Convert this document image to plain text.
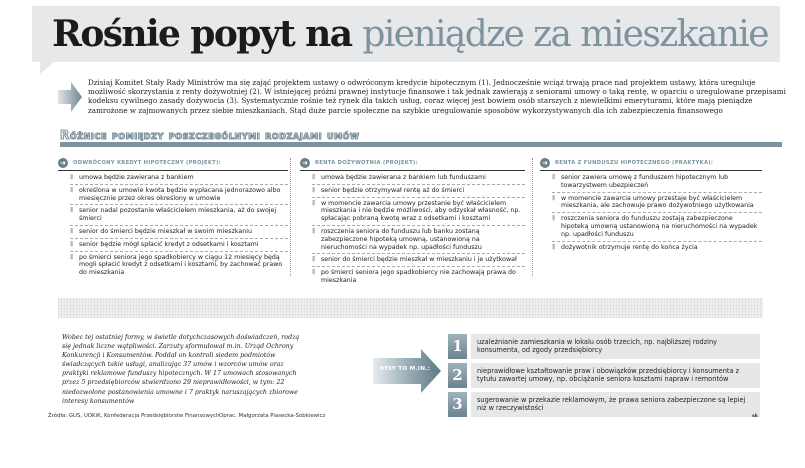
Rośnie popyt na pieniądze za mieszkanie
Dzisiaj Komitet Stały Rady Ministrów ma się zająć projektem ustawy o odwróconym kredycie hipotecznym (1). Jednocześnie wciąż trwają prace nad projektem ustawy, która ureguluje możliwość skorzystania z renty dożywotniej (2). W istniejącej próżni prawnej instytucje finansowe i tak jednak zawierają z seniorami umowy o taką rentę, w oparciu o uregulowane przepisami kodeksu cywilnego zasady dożywocia (3). Systematycznie rośnie też rynek dla takich usług, coraz więcej jest bowiem osób starszych z niewielkimi emeryturami, które mają pieniądze zamrożone w zajmowanych przez siebie mieszkaniach. Stąd duże parcie społeczne na szybkie uregulowanie sposobów wykorzystywanych dla ich zabezpieczenia finansowego
Różnice pomiędzy poszczególnymi rodzajami umów
➜	ODWRÓCONY KREDYT HIPOTECZNY (PROJEKT):
||| umowa będzie zawierana z bankiem
||| określona w umowie kwota będzie wypłacana jednorazowo albo miesięcznie przez okres określony w umowie
||| senior nadal pozostanie właścicielem mieszkania, aż do swojej śmierci
||| senior do śmierci będzie mieszkał w swoim mieszkaniu
||| senior będzie mógł spłacić kredyt z odsetkami i kosztami
||| po śmierci seniora jego spadkobiercy w ciągu 12 miesięcy będą mogli spłacić kredyt z odsetkami i kosztami, by zachować prawo do mieszkania
➜	RENTA DOŻYWOTNIA (PROJEKT):
||| umowa będzie zawierana z bankiem lub funduszami
||| senior będzie otrzymywał rentę aż do śmierci
||| w momencie zawarcia umowy przestanie być właścicielem mieszkania i nie będzie możliwości, aby odzyskał własność, np. spłacając pobraną kwotę wraz z odsetkami i kosztami
||| roszczenia seniora do funduszu lub banku zostaną zabezpieczone hipoteką umowną, ustanowioną na nieruchomości na wypadek np. upadłości funduszu
||| senior do śmierci będzie mieszkał w mieszkaniu i je użytkował
||| po śmierci seniora jego spadkobiercy nie zachowają prawa do mieszkania
➜	RENTA Z FUNDUSZU HIPOTECZNEGO (PRAKTYKA):
||| senior zawiera umowę z funduszem hipotecznym lub towarzystwem ubezpieczeń
||| w momencie zawarcia umowy przestaje być właścicielem mieszkania, ale zachowuje prawo dożywotniego użytkowania
||| roszczenia seniora do funduszu zostają zabezpieczone hipoteką umowną ustanowioną na nieruchomości na wypadek np. upadłości funduszu
||| dożywotnik otrzymuje rentę do końca życia
Wobec tej ostatniej formy, w świetle dotychczasowych doświadczeń, rodzą się jednak liczne wątpliwości. Zarzuty sformułował m.in. Urząd Ochrony Konkurencji i Konsumentów. Poddał on kontroli siedem podmiotów świadczących takie usługi, analizując 37 umów i wzorców umów oraz praktyki reklamowe funduszy hipotecznych. W 17 umowach stosowanych przez 5 przedsiębiorców stwierdzono 29 nieprawidłowości, w tym: 22 niedozwolone postanowienia umowne i 7 praktyk naruszających zbiorowe interesy konsumentów
BYŁY TO M.IN.:
1	uzależnianie zamieszkania w lokalu osób trzecich, np. najbliższej rodziny konsumenta, od zgody przedsiębiorcy
2	nieprawidłowe kształtowanie praw i obowiązków przedsiębiorcy i konsumenta z tytułu zawartej umowy, np. obciążanie seniora kosztami napraw i remontów
3	sugerowanie w przekazie reklamowym, że prawa seniora zabezpieczone są lepiej niż w rzeczywistości
Źródła: GUS, UOKiK, Konfederacja Przedsiębiorstw Finansowych Oprac. Małgorzata Piasecka-Sobkiewicz	sk
